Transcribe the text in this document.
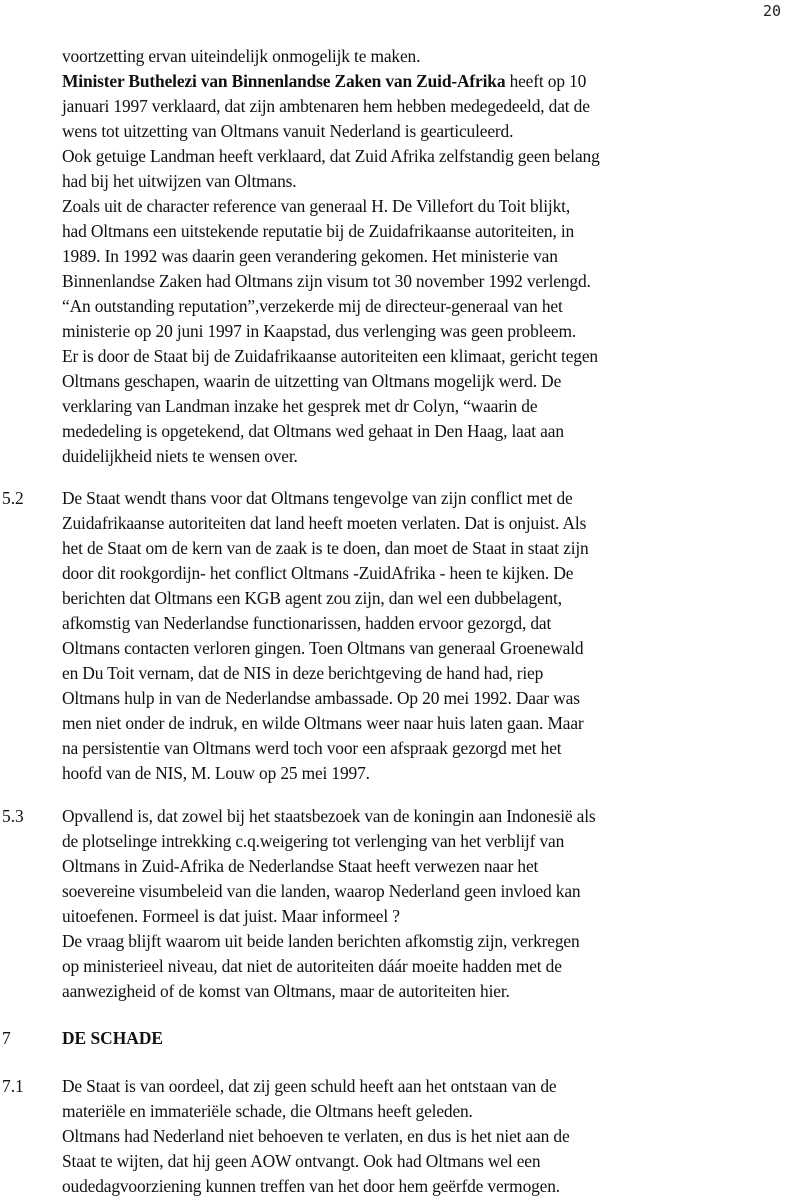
20
voortzetting ervan uiteindelijk onmogelijk te maken.
Minister Buthelezi van Binnenlandse Zaken van Zuid-Afrika heeft op 10
januari 1997 verklaard, dat zijn ambtenaren hem hebben medegedeeld, dat de
wens tot uitzetting van Oltmans vanuit Nederland is gearticuleerd.
Ook getuige Landman heeft verklaard, dat Zuid Afrika zelfstandig geen belang
had bij het uitwijzen van Oltmans.
Zoals uit de character reference van generaal H. De Villefort du Toit blijkt,
had Oltmans een uitstekende reputatie bij de Zuidafrikaanse autoriteiten, in
1989. In 1992 was daarin geen verandering gekomen. Het ministerie van
Binnenlandse Zaken had Oltmans zijn visum tot 30 november 1992 verlengd.
“An outstanding reputation”,verzekerde mij de directeur-generaal van het
ministerie op 20 juni 1997 in Kaapstad, dus verlenging was geen probleem.
Er is door de Staat bij de Zuidafrikaanse autoriteiten een klimaat, gericht tegen
Oltmans geschapen, waarin de uitzetting van Oltmans mogelijk werd. De
verklaring van Landman inzake het gesprek met dr Colyn, “waarin de
mededeling is opgetekend, dat Oltmans wed gehaat in Den Haag, laat aan
duidelijkheid niets te wensen over.
5.2 De Staat wendt thans voor dat Oltmans tengevolge van zijn conflict met de
Zuidafrikaanse autoriteiten dat land heeft moeten verlaten. Dat is onjuist. Als
het de Staat om de kern van de zaak is te doen, dan moet de Staat in staat zijn
door dit rookgordijn- het conflict Oltmans -ZuidAfrika - heen te kijken. De
berichten dat Oltmans een KGB agent zou zijn, dan wel een dubbelagent,
afkomstig van Nederlandse functionarissen, hadden ervoor gezorgd, dat
Oltmans contacten verloren gingen. Toen Oltmans van generaal Groenewald
en Du Toit vernam, dat de NIS in deze berichtgeving de hand had, riep
Oltmans hulp in van de Nederlandse ambassade. Op 20 mei 1992. Daar was
men niet onder de indruk, en wilde Oltmans weer naar huis laten gaan. Maar
na persistentie van Oltmans werd toch voor een afspraak gezorgd met het
hoofd van de NIS, M. Louw op 25 mei 1997.
5.3 Opvallend is, dat zowel bij het staatsbezoek van de koningin aan Indonesië als
de plotselinge intrekking c.q.weigering tot verlenging van het verblijf van
Oltmans in Zuid-Afrika de Nederlandse Staat heeft verwezen naar het
soevereine visumbeleid van die landen, waarop Nederland geen invloed kan
uitoefenen. Formeel is dat juist. Maar informeel ?
De vraag blijft waarom uit beide landen berichten afkomstig zijn, verkregen
op ministerieel niveau, dat niet de autoriteiten dáár moeite hadden met de
aanwezigheid of de komst van Oltmans, maar de autoriteiten hier.
7	DE SCHADE
7.1 De Staat is van oordeel, dat zij geen schuld heeft aan het ontstaan van de
materiële en immateriële schade, die Oltmans heeft geleden.
Oltmans had Nederland niet behoeven te verlaten, en dus is het niet aan de
Staat te wijten, dat hij geen AOW ontvangt. Ook had Oltmans wel een
oudedagvoorziening kunnen treffen van het door hem geërfde vermogen.
